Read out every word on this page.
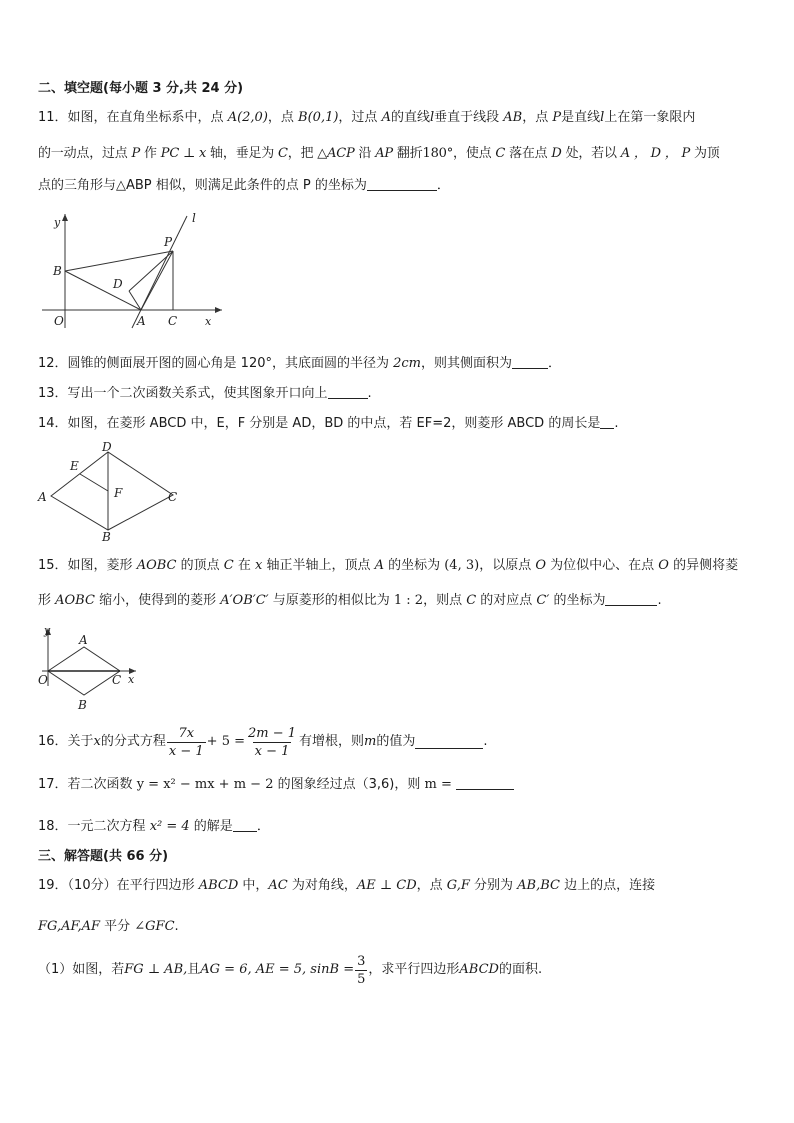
二、填空题(每小题 3 分,共 24 分)
11．如图，在直角坐标系中，点 A(2,0)，点 B(0,1)，过点 A的直线l垂直于线段 AB，点 P是直线l上在第一象限内
的一动点，过点 P 作 PC ⊥ x 轴，垂足为 C，把 △ACP 沿 AP 翻折180°，使点 C 落在点 D 处，若以 A ， D ， P 为顶
点的三角形与△ABP 相似，则满足此条件的点 P 的坐标为	．
y	l
P
B
D
O	A C	x
12．圆锥的侧面展开图的圆心角是 120°，其底面圆的半径为 2cm，则其侧面积为	．
13．写出一个二次函数关系式，使其图象开口向上	.
14．如图，在菱形 ABCD 中，E，F 分别是 AD，BD 的中点，若 EF=2，则菱形 ABCD 的周长是 .
D
E
F
A	C
B
15．如图，菱形 AOBC 的顶点 C 在 x 轴正半轴上，顶点 A 的坐标为 (4, 3)，以原点 O 为位似中心、在点 O 的异侧将菱
形 AOBC 缩小，使得到的菱形 A′OB′C′ 与原菱形的相似比为 1 : 2，则点 C 的对应点 C′ 的坐标为	.
y
A
O	C x
B
16．关于 x 的分式方程 $\frac{7x}{x - 1} + 5 = \frac{2m - 1}{x - 1}$ 有增根，则 m 的值为	.
17．若二次函数 y = x² − mx + m − 2 的图象经过点（3,6)，则 m =
18．一元二次方程 x² = 4 的解是 ．
三、解答题(共 66 分)
19．（10分）在平行四边形 ABCD 中，AC 为对角线，AE ⊥ CD，点 G,F 分别为 AB,BC 边上的点，连接
FG,AF,AF 平分 ∠GFC.
（1）如图，若 FG ⊥ AB, 且 AG = 6, AE = 5, $\sin B = \frac{3}{5}$ ，求平行四边形 ABCD 的面积.
